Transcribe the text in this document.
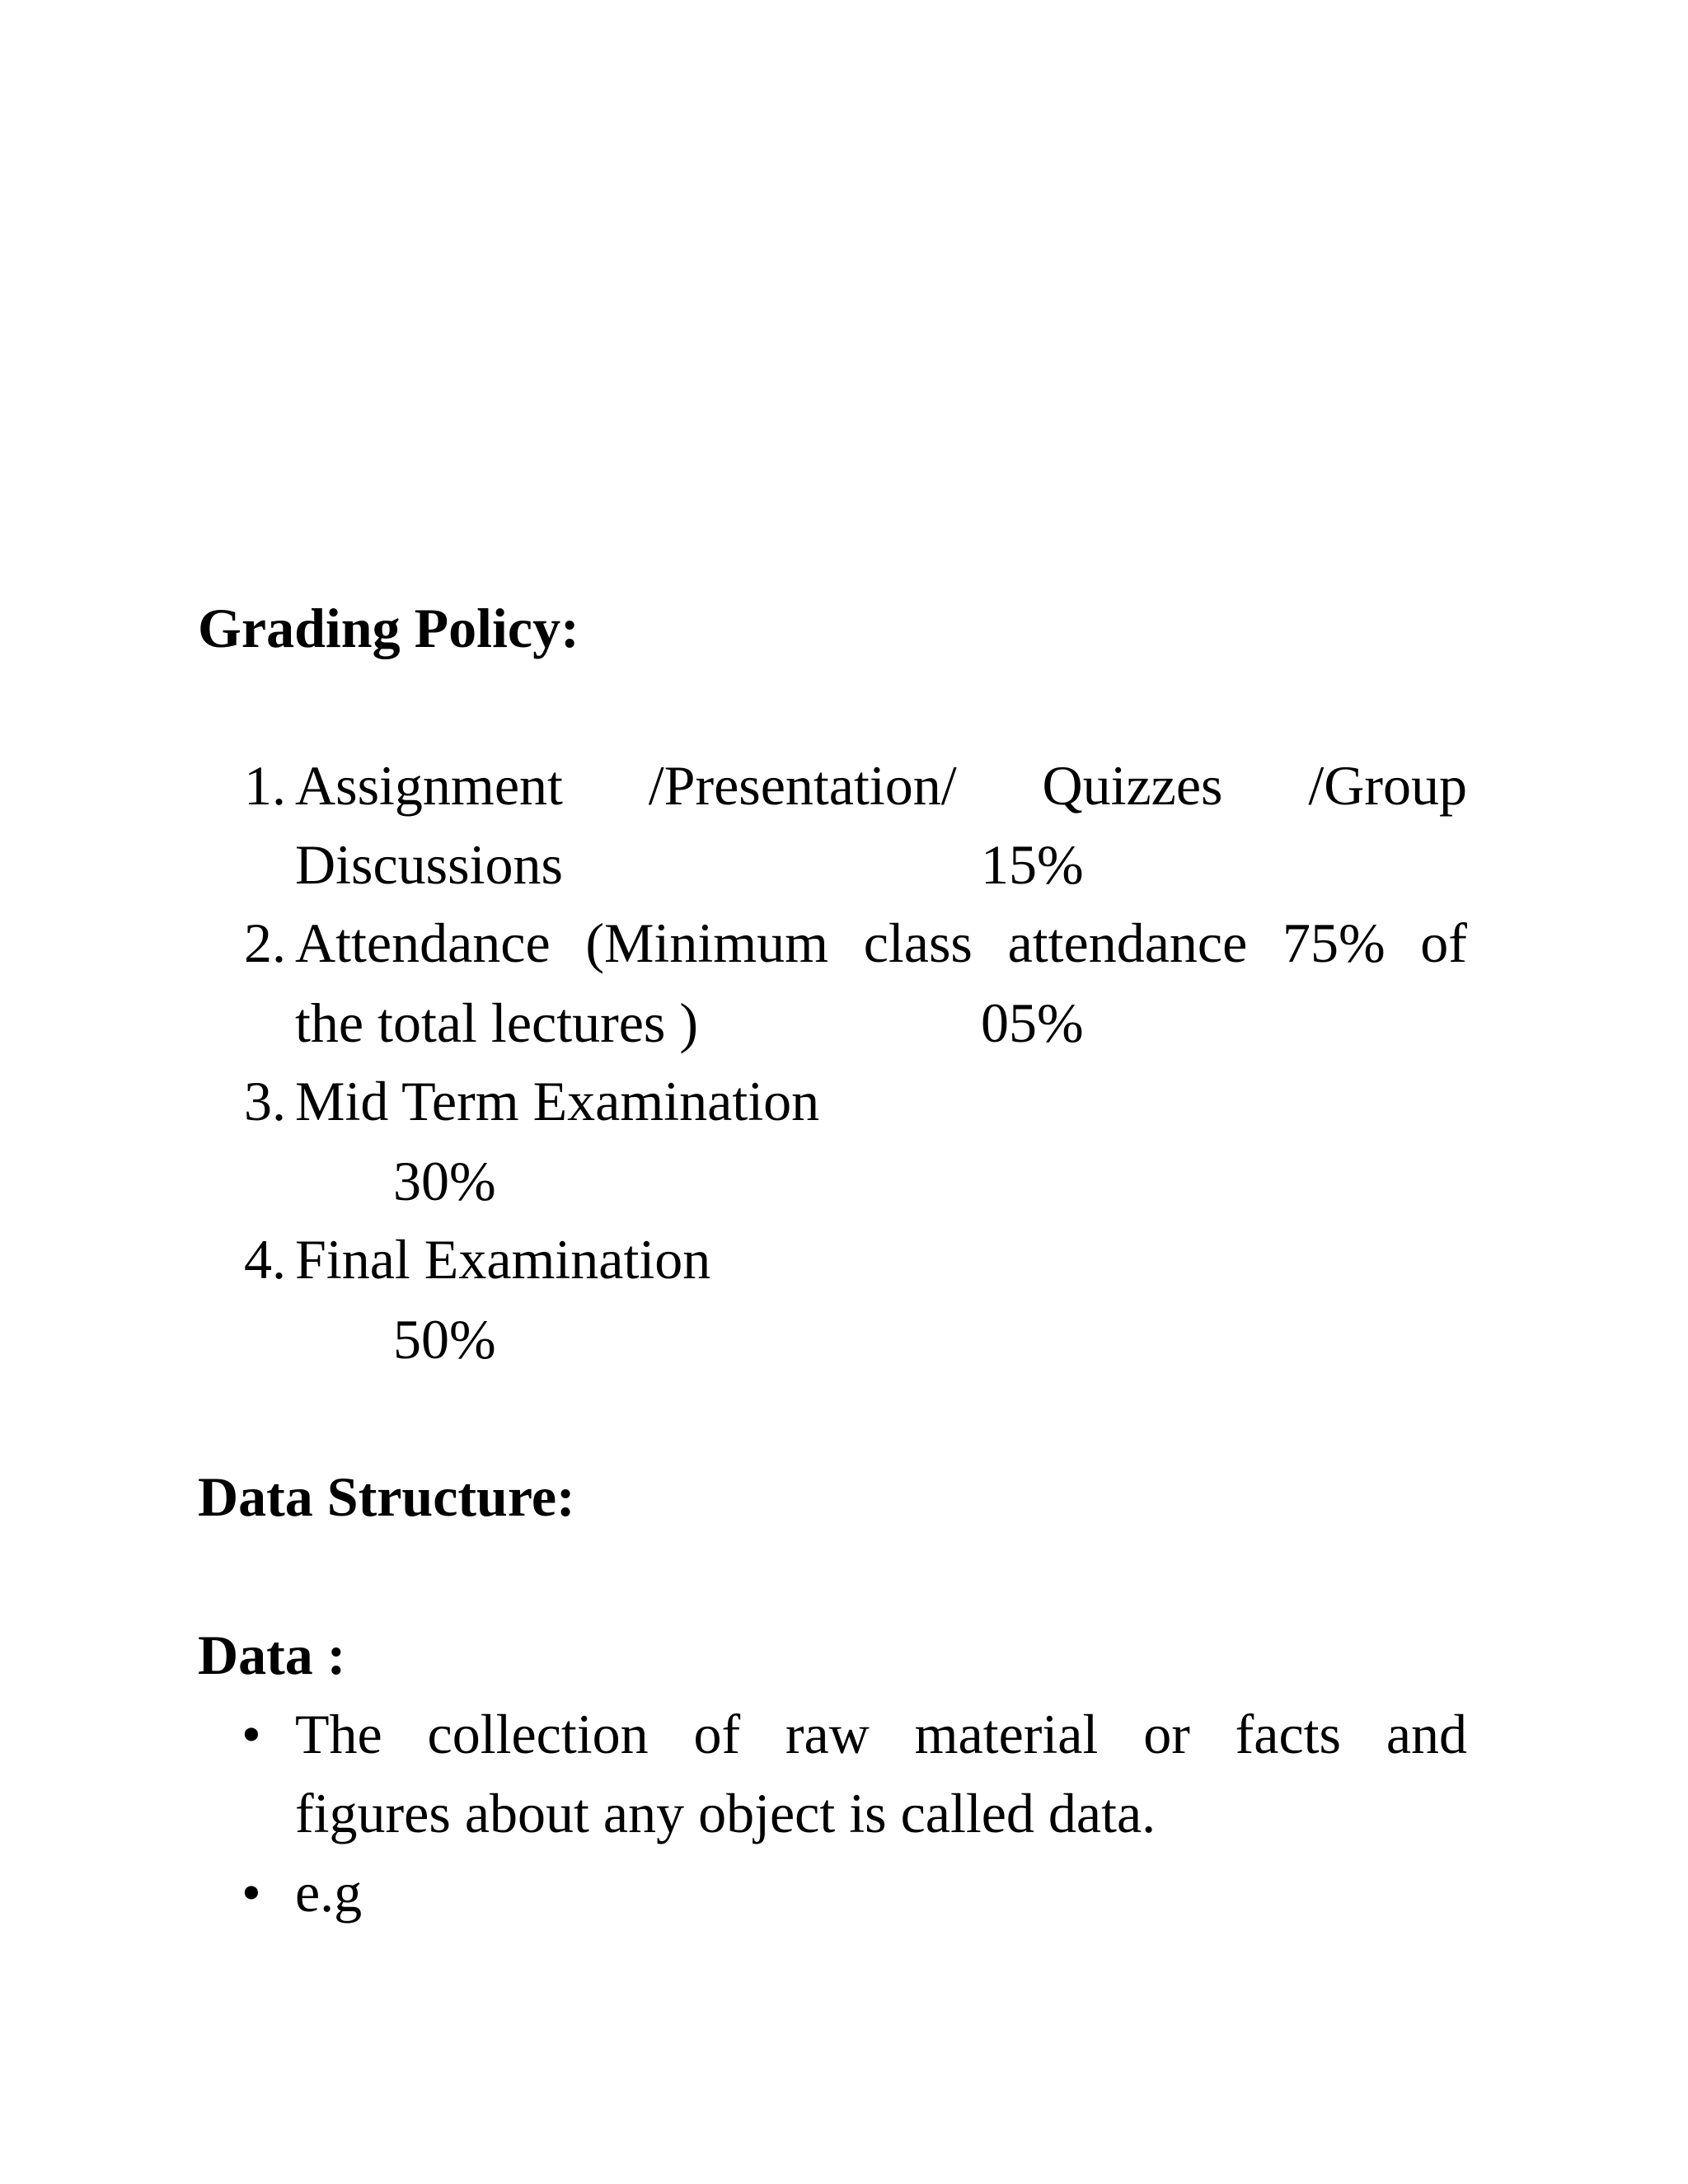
Grading Policy:
1. Assignment /Presentation/ Quizzes /Group
Discussions	15%
2. Attendance (Minimum class attendance 75% of
the total lectures )	05%
3. Mid Term Examination
30%
4. Final Examination
50%
Data Structure:
Data :
• The collection of raw material or facts and
figures about any object is called data.
• e.g
